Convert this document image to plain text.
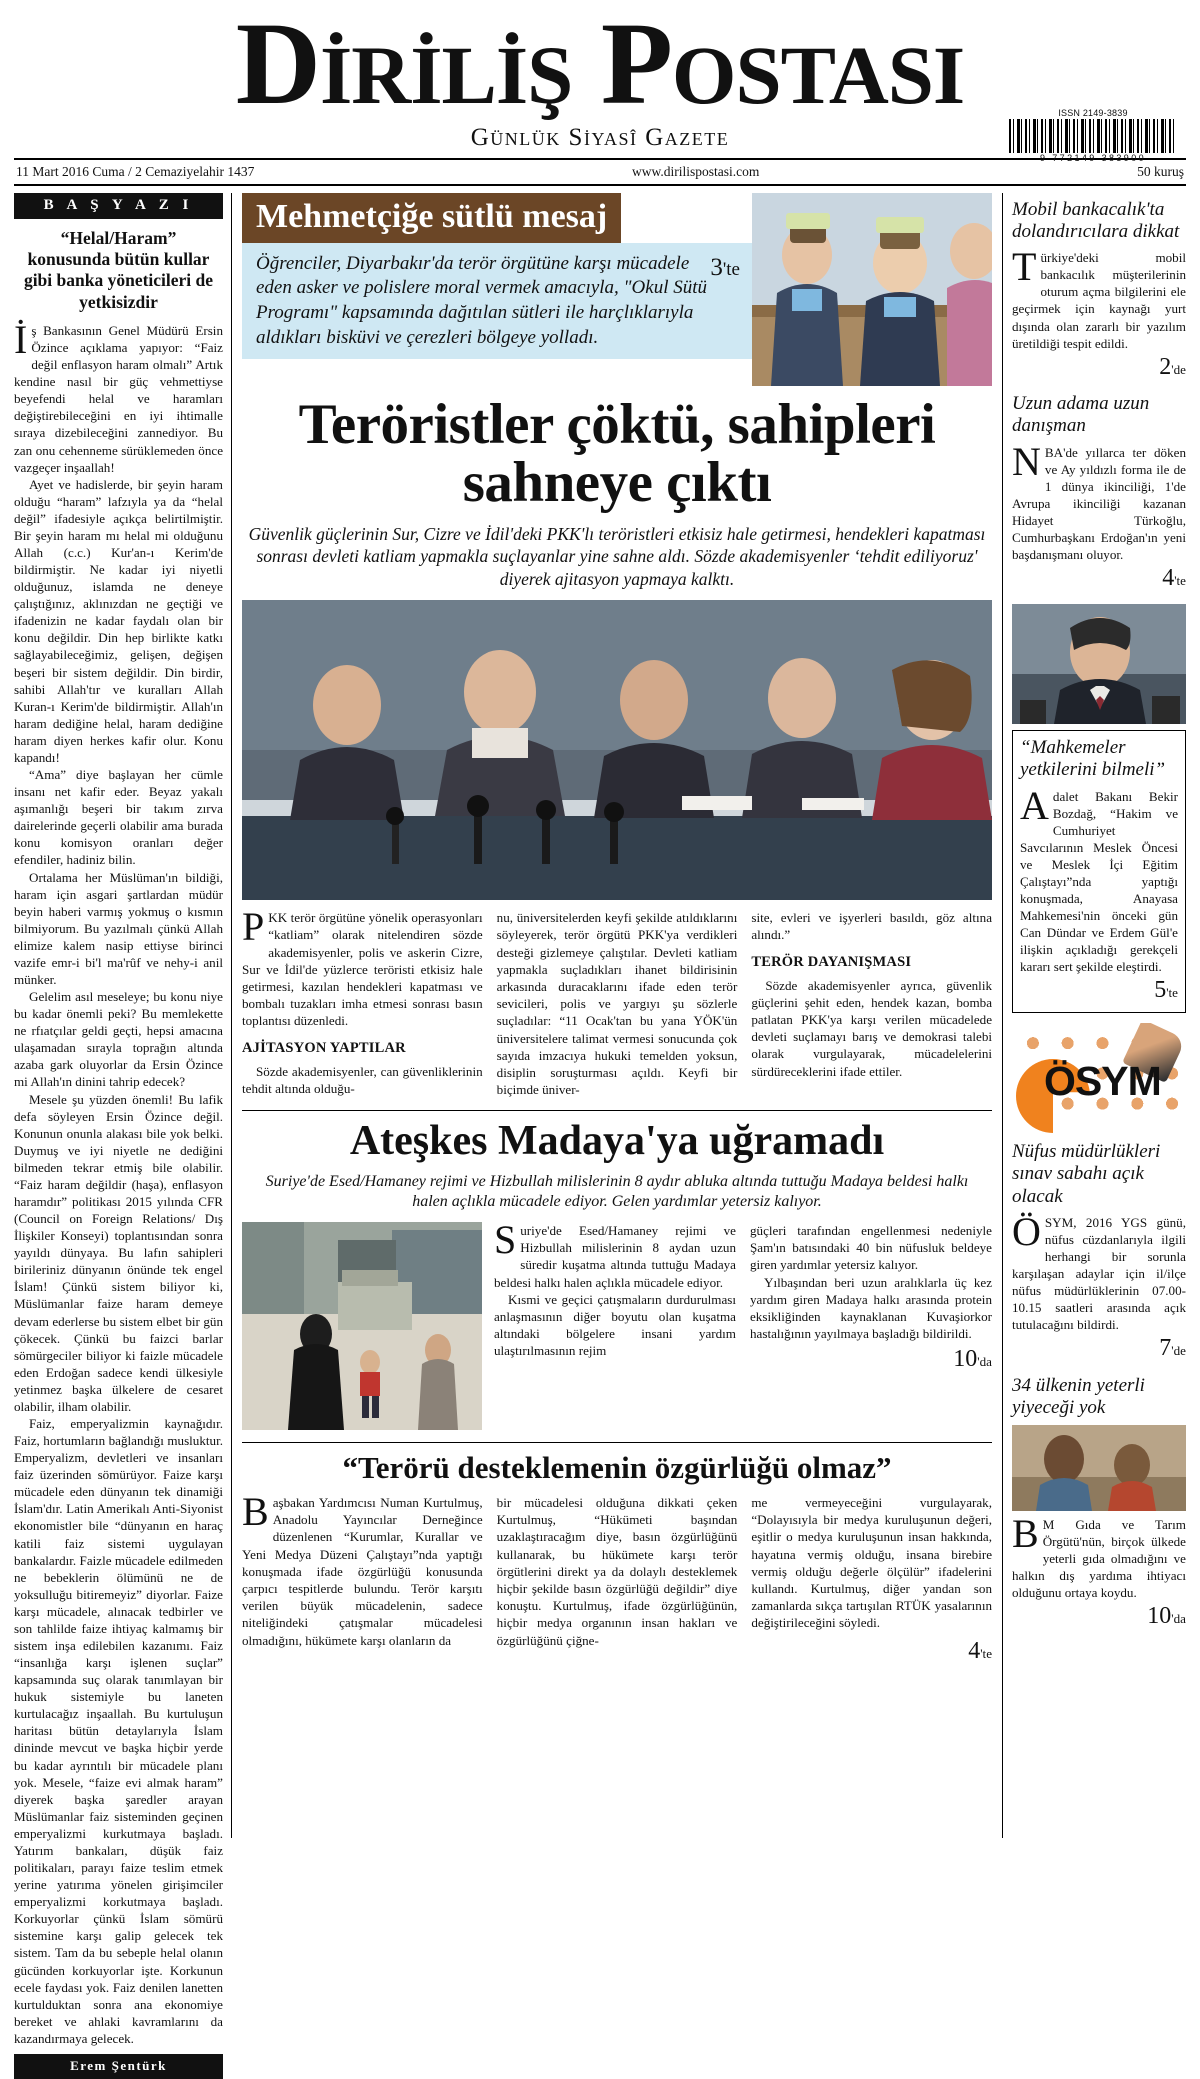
Diriliş Postası
Günlük Siyasî Gazete
ISSN 2149-3839
9 772149 383900
11 Mart 2016 Cuma / 2 Cemaziyelahir 1437	www.dirilispostasi.com	50 kuruş
B A Ş Y A Z I
“Helal/Haram” konusunda bütün kullar gibi banka yöneticileri de yetkisizdir

İş Bankasının Genel Müdürü Ersin Özince açıklama yapıyor: “Faiz değil enflasyon haram olmalı” Artık kendine nasıl bir güç vehmettiyse beyefendi helal ve haramları değiştirebileceğini en iyi ihtimalle sıraya dizebileceğini zannediyor. Bu zan onu cehenneme sürüklemeden önce vazgeçer inşaallah!

Ayet ve hadislerde, bir şeyin haram olduğu “haram” lafzıyla ya da “helal değil” ifadesiyle açıkça belirtilmiştir. Bir şeyin haram mı helal mi olduğunu Allah (c.c.) Kur'an-ı Kerim'de bildirmiştir. Ne kadar iyi niyetli olduğunuz, islamda ne deneye çalıştığınız, aklınızdan ne geçtiği ve ifadenizin ne kadar faydalı olan bir konu değildir. Din hep birlikte katkı sağlayabileceğimiz, gelişen, değişen beşeri bir sistem değildir. Din birdir, sahibi Allah'tır ve kuralları Allah Kuran-ı Kerim'de bildirmiştir. Allah'ın haram dediğine helal, haram dediğine haram diyen herkes kafir olur. Konu kapandı!

“Ama” diye başlayan her cümle insanı net kafir eder. Beyaz yakalı aşımanlığı beşeri bir takım zırva dairelerinde geçerli olabilir ama burada konu komisyon oranları değer efendiler, hadiniz bilin.

Ortalama her Müslüman'ın bildiği, haram için asgari şartlardan müdür beyin haberi varmış yokmuş o kısmın bilmiyorum. Bu yazılmalı çünkü Allah elimize kalem nasip ettiyse birinci vazife emr-i bi'l ma'rûf ve nehy-i anil münker.

Gelelim asıl meseleye; bu konu niye bu kadar önemli peki? Bu memlekette ne rfıatçılar geldi geçti, hepsi amacına ulaşamadan sırayla toprağın altında azaba gark oluyorlar da Ersin Özince mi Allah'ın dinini tahrip edecek?

Mesele şu yüzden önemli! Bu lafik defa söyleyen Ersin Özince değil. Konunun onunla alakası bile yok belki. Duymuş ve iyi niyetle ne dediğini bilmeden tekrar etmiş bile olabilir. “Faiz haram değildir (haşa), enflasyon haramdır” politikası 2015 yılında CFR (Council on Foreign Relations/ Dış İlişkiler Konseyi) toplantısından sonra yayıldı dünyaya. Bu lafın sahipleri birileriniz dünyanın önünde tek engel İslam! Çünkü sistem biliyor ki, Müslümanlar faize haram demeye devam ederlerse bu sistem elbet bir gün çökecek. Çünkü bu faizci barlar sömürgeciler biliyor ki faizle mücadele eden Erdoğan sadece kendi ülkesiyle yetinmez başka ülkelere de cesaret olabilir, ilham olabilir.

Faiz, emperyalizmin kaynağıdır. Faiz, hortumların bağlandığı musluktur. Emperyalizm, devletleri ve insanları faiz üzerinden sömürüyor. Faize karşı mücadele eden dünyanın tek dinamiği İslam'dır. Latin Amerikalı Anti-Siyonist ekonomistler bile “dünyanın en haraç katili faiz sistemi uygulayan bankalardır. Faizle mücadele edilmeden ne bebeklerin ölümünü ne de yoksulluğu bitiremeyiz” diyorlar. Faize karşı mücadele, alınacak tedbirler ve son tahlilde faize ihtiyaç kalmamış bir sistem inşa edilebilen kazanımı. Faiz “insanlığa karşı işlenen suçlar” kapsamında suç olarak tanımlayan bir hukuk sistemiyle bu laneten kurtulacağız inşaallah. Bu kurtuluşun haritası bütün detaylarıyla İslam dininde mevcut ve başka hiçbir yerde bu kadar ayrıntılı bir mücadele planı yok. Mesele, “faize evi almak haram” diyerek başka şaredler arayan Müslümanlar faiz sisteminden geçinen emperyalizmi kurkutmaya başladı. Yatırım bankaları, düşük faiz politikaları, parayı faize teslim etmek yerine yatırıma yönelen girişimciler emperyalizmi korkutmaya başladı. Korkuyorlar çünkü İslam sömürü sistemine karşı galip gelecek tek sistem. Tam da bu sebeple helal olanın gücünden korkuyorlar işte. Korkunun ecele faydası yok. Faiz denilen lanetten kurtulduktan sonra ana ekonomiye bereket ve ahlaki kavramlarını da kazandırmaya gelecek.

Erem Şentürk
Mehmetçiğe sütlü mesaj
3'te
Öğrenciler, Diyarbakır'da terör örgütüne karşı mücadele eden asker ve polislere moral vermek amacıyla, "Okul Sütü Programı" kapsamında dağıtılan sütleri ile harçlıklarıyla aldıkları bisküvi ve çerezleri bölgeye yolladı.
Teröristler çöktü, sahipleri sahneye çıktı
Güvenlik güçlerinin Sur, Cizre ve İdil'deki PKK'lı teröristleri etkisiz hale getirmesi, hendekleri kapatması sonrası devleti katliam yapmakla suçlayanlar yine sahne aldı. Sözde akademisyenler ‘tehdit ediliyoruz' diyerek ajitasyon yapmaya kalktı.

PKK terör örgütüne yönelik operasyonları “katliam” olarak nitelendiren sözde akademisyenler, polis ve askerin Cizre, Sur ve İdil'de yüzlerce teröristi etkisiz hale getirmesi, kazılan hendekleri kapatması ve bombalı tuzakları imha etmesi sonrası basın toplantısı düzenledi.

AJİTASYON YAPTILAR

Sözde akademisyenler, can güvenliklerinin tehdit altında olduğu-

nu, üniversitelerden keyfi şekilde atıldıklarını söyleyerek, terör örgütü PKK'ya verdikleri desteği gizlemeye çalıştılar. Devleti katliam yapmakla suçladıkları ihanet bildirisinin arkasında duracaklarını ifade eden terör sevicileri, polis ve yargıyı şu sözlerle suçladılar: “11 Ocak'tan bu yana YÖK'ün üniversitelere talimat vermesi sonucunda çok sayıda imzacıya hukuki temelden yoksun, disiplin soruşturması açıldı. Keyfi bir biçimde üniver-

site, evleri ve işyerleri basıldı, göz altına alındı.”

TERÖR DAYANIŞMASI

Sözde akademisyenler ayrıca, güvenlik güçlerini şehit eden, hendek kazan, bomba patlatan PKK'ya karşı verilen mücadelede devleti suçlamayı barış ve demokrasi talebi olarak vurgulayarak, mücadelelerini sürdüreceklerini ifade ettiler.

Ateşkes Madaya'ya uğramadı
Suriye'de Esed/Hamaney rejimi ve Hizbullah milislerinin 8 aydır abluka altında tuttuğu Madaya beldesi halkı halen açlıkla mücadele ediyor. Gelen yardımlar yetersiz kalıyor.

Suriye'de Esed/Hamaney rejimi ve Hizbullah milislerinin 8 aydan uzun süredir kuşatma altında tuttuğu Madaya beldesi halkı halen açlıkla mücadele ediyor.

Kısmi ve geçici çatışmaların durdurulması anlaşmasının diğer boyutu olan kuşatma altındaki bölgelere insani yardım ulaştırılmasının rejim

güçleri tarafından engellenmesi nedeniyle Şam'ın batısındaki 40 bin nüfusluk beldeye giren yardımlar yetersiz kalıyor.

Yılbaşından beri uzun aralıklarla üç kez yardım giren Madaya halkı arasında protein eksikliğinden kaynaklanan Kuvaşiorkor hastalığının yayılmaya başladığı bildirildi.

10'da

“Terörü desteklemenin özgürlüğü olmaz”

Başbakan Yardımcısı Numan Kurtulmuş, Anadolu Yayıncılar Derneğince düzenlenen “Kurumlar, Kurallar ve Yeni Medya Düzeni Çalıştayı”nda yaptığı konuşmada ifade özgürlüğü konusunda çarpıcı tespitlerde bulundu. Terör karşıtı verilen büyük mücadelenin, sadece niteliğindeki çatışmalar mücadelesi olmadığını, hükümete karşı olanların da

bir mücadelesi olduğuna dikkati çeken Kurtulmuş, “Hükümeti başından uzaklaştıracağım diye, basın özgürlüğünü kullanarak, bu hükümete karşı terör örgütlerini direkt ya da dolaylı desteklemek hiçbir şekilde basın özgürlüğü değildir” diye konuştu. Kurtulmuş, ifade özgürlüğünün, hiçbir medya organının insan hakları ve özgürlüğünü çiğne-

me vermeyeceğini vurgulayarak, “Dolayısıyla bir medya kuruluşunun değeri, eşitlir o medya kuruluşunun insan hakkında, hayatına vermiş olduğu, insana birebire vermiş olduğu değerle ölçülür” ifadelerini kullandı. Kurtulmuş, diğer yandan son zamanlarda sıkça tartışılan RTÜK yasalarının değiştirileceğini söyledi.

4'te

Mobil bankacalık'ta dolandırıcılara dikkat

Türkiye'deki mobil bankacılık müşterilerinin oturum açma bilgilerini ele geçirmek için kaynağı yurt dışında olan zararlı bir yazılım üretildiği tespit edildi.

2'de
Uzun adama uzun danışman

NBA'de yıllarca ter döken ve Ay yıldızlı forma ile de 1 dünya ikinciliği, 1'de Avrupa ikinciliği kazanan Hidayet Türkoğlu, Cumhurbaşkanı Erdoğan'ın yeni başdanışmanı oluyor.

4'te
“Mahkemeler yetkilerini bilmeli”

Adalet Bakanı Bekir Bozdağ, “Hakim ve Cumhuriyet Savcılarının Meslek Öncesi ve Meslek İçi Eğitim Çalıştayı”nda yaptığı konuşmada, Anayasa Mahkemesi'nin önceki gün Can Dündar ve Erdem Gül'e ilişkin açıkladığı gerekçeli kararı sert şekilde eleştirdi.

5'te
ÖSYM
Nüfus müdürlükleri sınav sabahı açık olacak

ÖSYM, 2016 YGS günü, nüfus cüzdanlarıyla ilgili herhangi bir sorunla karşılaşan adaylar için il/ilçe nüfus müdürlüklerinin 07.00-10.15 saatleri arasında açık tutulacağını bildirdi.

7'de
34 ülkenin yeterli yiyeceği yok

B M Gıda ve Tarım Örgütü'nün, birçok ülkede yeterli gıda olmadığını ve halkın dış yardıma ihtiyacı olduğunu ortaya koydu.

10'da
